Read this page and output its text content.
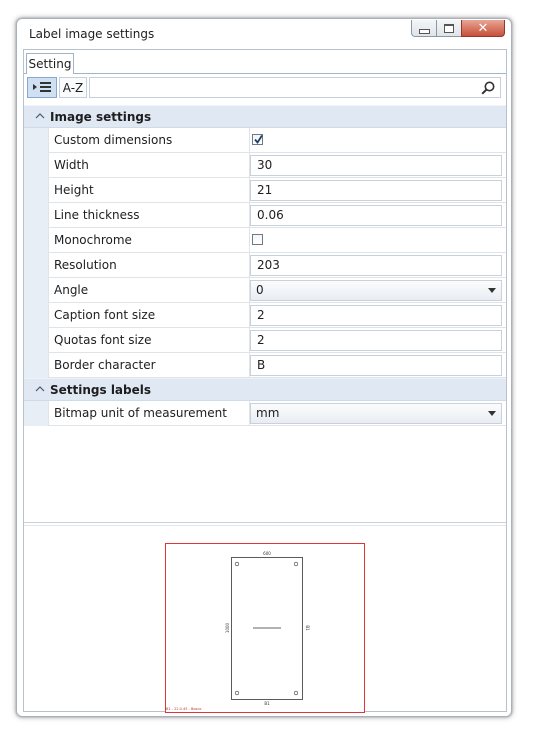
Label image settings	✕
Setting
A-Z
Image settings
Custom dimensions
Width	30
Height	21
Line thickness	0.06
Monochrome
Resolution	203
Angle	0
Caption font size	2
Quotas font size	2
Border character	B
Settings labels
Bitmap unit of measurement	mm
600
B1
1000	B1
B1 - 22.0.45 - Bosco
